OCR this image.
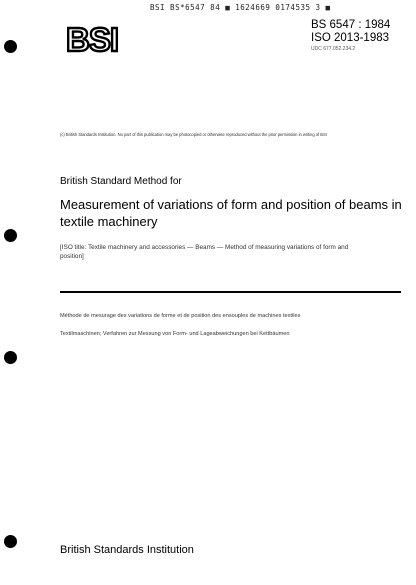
BSI BS*6547 84 ■ 1624669 0174535 3 ■
BSI	BS 6547 : 1984
ISO 2013-1983
UDC 677.052.234.2
(c) British Standards Institution. No part of this publication may be photocopied or otherwise reproduced without the prior permission in writing of BSI
British Standard Method for
Measurement of variations of form and position of beams in textile machinery
[ISO title: Textile machinery and accessories — Beams — Method of measuring variations of form and position]
Méthode de mesurage des variations de forme et de position des ensouples de machines textiles
Textilmaschinen; Verfahren zur Messung von Form- und Lageabweichungen bei Kettbäumen
British Standards Institution
